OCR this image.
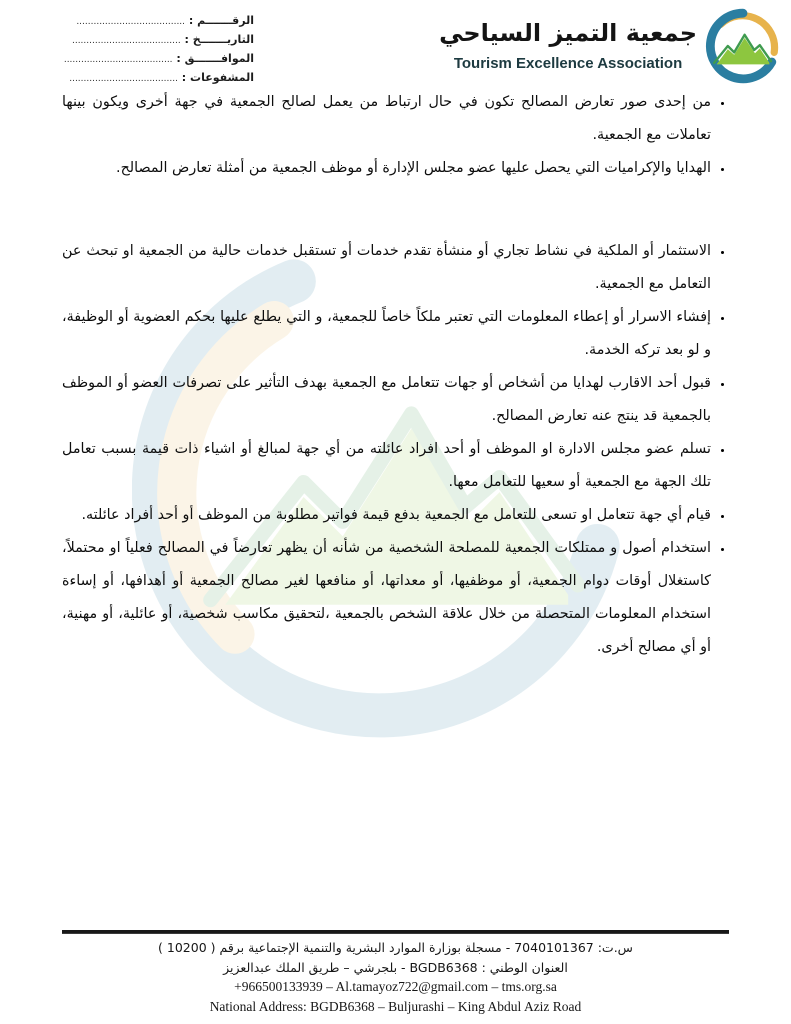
الرقـــــــم : ......................................
التاريـــــــخ : ......................................
الموافـــــــق : ......................................
المشفوعات : ......................................
جمعية التميز السياحي
Tourism Excellence Association
• من إحدى صور تعارض المصالح تكون في حال ارتباط من يعمل لصالح الجمعية في جهة أخرى ويكون بينها تعاملات مع الجمعية.
• الهدايا والإكراميات التي يحصل عليها عضو مجلس الإدارة أو موظف الجمعية من أمثلة تعارض المصالح.
• الاستثمار أو الملكية في نشاط تجاري أو منشأة تقدم خدمات أو تستقبل خدمات حالية من الجمعية او تبحث عن التعامل مع الجمعية.
• إفشاء الاسرار أو إعطاء المعلومات التي تعتبر ملكاً خاصاً للجمعية، و التي يطلع عليها بحكم العضوية أو الوظيفة، و لو بعد تركه الخدمة.
• قبول أحد الاقارب لهدايا من أشخاص أو جهات تتعامل مع الجمعية بهدف التأثير على تصرفات العضو أو الموظف بالجمعية قد ينتج عنه تعارض المصالح.
• تسلم عضو مجلس الادارة او الموظف أو أحد افراد عائلته من أي جهة لمبالغ أو اشياء ذات قيمة بسبب تعامل تلك الجهة مع الجمعية أو سعيها للتعامل معها.
• قيام أي جهة تتعامل او تسعى للتعامل مع الجمعية بدفع قيمة فواتير مطلوبة من الموظف أو أحد أفراد عائلته.
• استخدام أصول و ممتلكات الجمعية للمصلحة الشخصية من شأنه أن يظهر تعارضاً في المصالح فعلياً او محتملاً، كاستغلال أوقات دوام الجمعية، أو موظفيها، أو معداتها، أو منافعها لغير مصالح الجمعية أو أهدافها، أو إساءة استخدام المعلومات المتحصلة من خلال علاقة الشخص بالجمعية ،لتحقيق مكاسب شخصية، أو عائلية، أو مهنية، أو أي مصالح أخرى.
س.ت: 7040101367 - مسجلة بوزارة الموارد البشرية والتنمية الإجتماعية برقم ( 10200 )
العنوان الوطني : BGDB6368 - بلجرشي – طريق الملك عبدالعزيز
+966500133939 – Al.tamayoz722@gmail.com – tms.org.sa
National Address: BGDB6368 – Buljurashi – King Abdul Aziz Road
